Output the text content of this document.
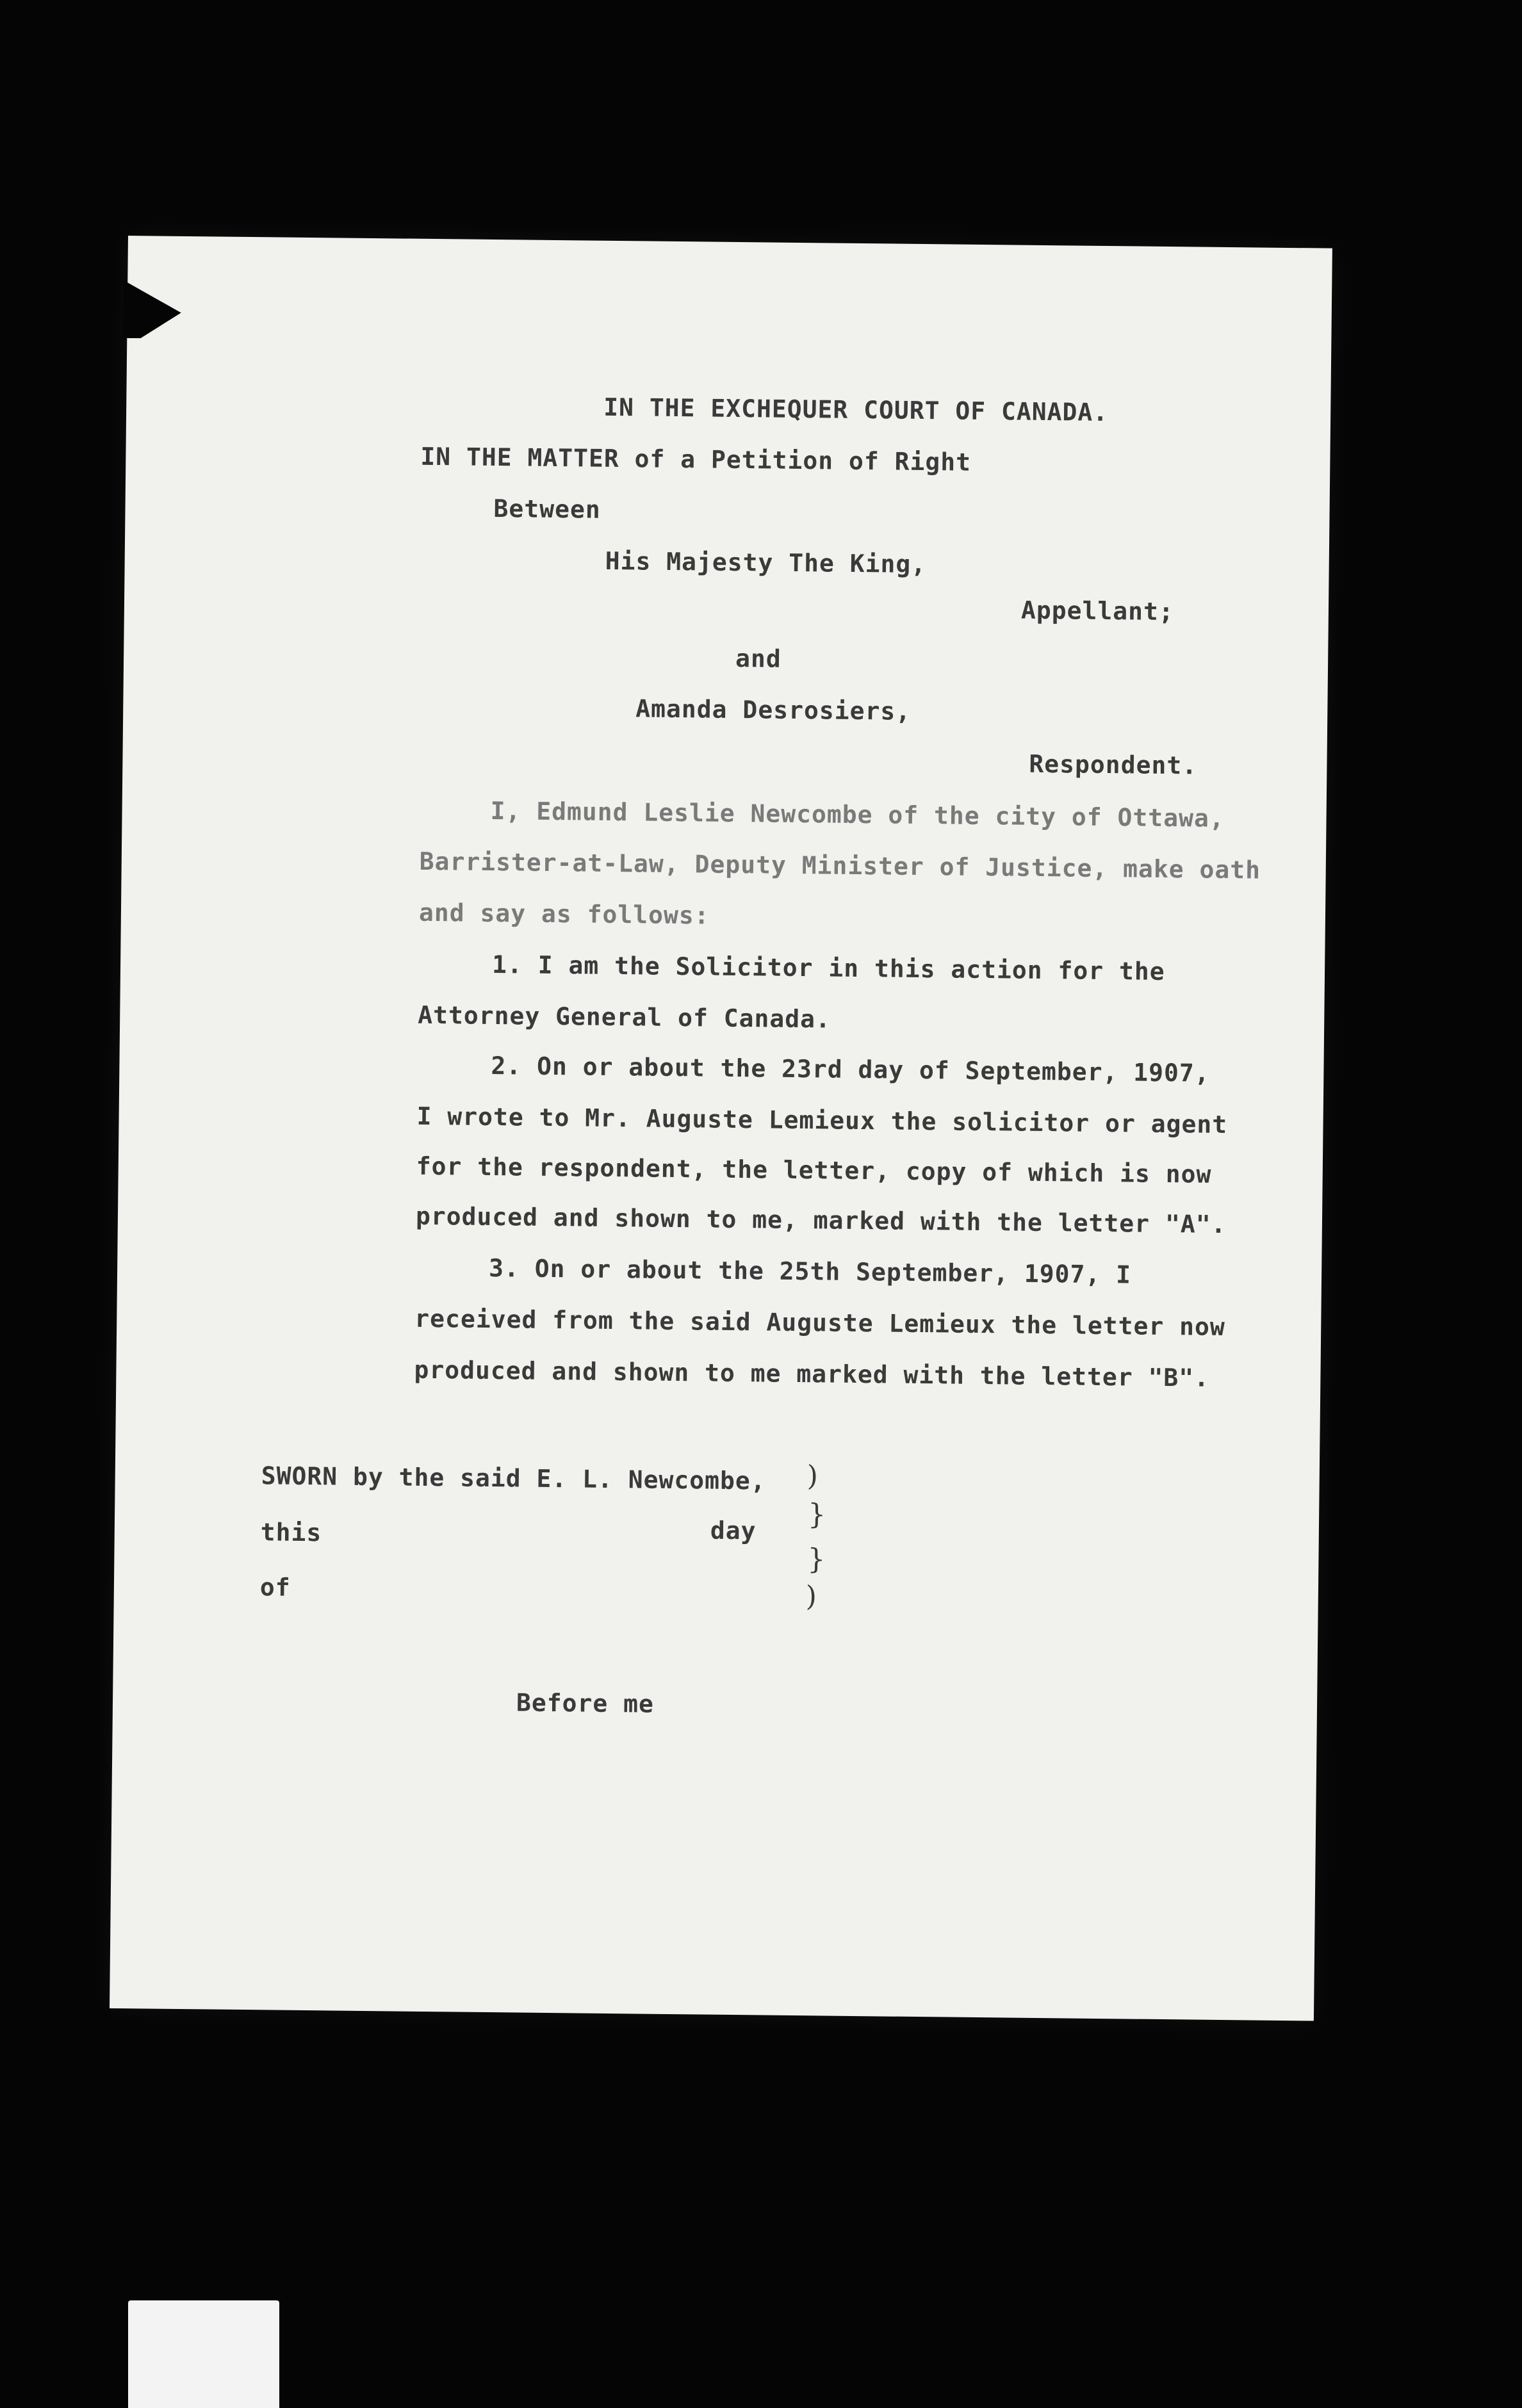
IN THE EXCHEQUER COURT OF CANADA.
IN THE MATTER of a Petition of Right
Between
His Majesty The King,
Appellant;
and
Amanda Desrosiers,
Respondent.
I, Edmund Leslie Newcombe of the city of Ottawa,
Barrister-at-Law, Deputy Minister of Justice, make oath
and say as follows:
1. I am the Solicitor in this action for the
Attorney General of Canada.
2. On or about the 23rd day of September, 1907,
I wrote to Mr. Auguste Lemieux the solicitor or agent
for the respondent, the letter, copy of which is now
produced and shown to me, marked with the letter "A".
3. On or about the 25th September, 1907, I
received from the said Auguste Lemieux the letter now
produced and shown to me marked with the letter "B".
SWORN by the said E. L. Newcombe,
this	day
of
)
}
}
)
Before me
